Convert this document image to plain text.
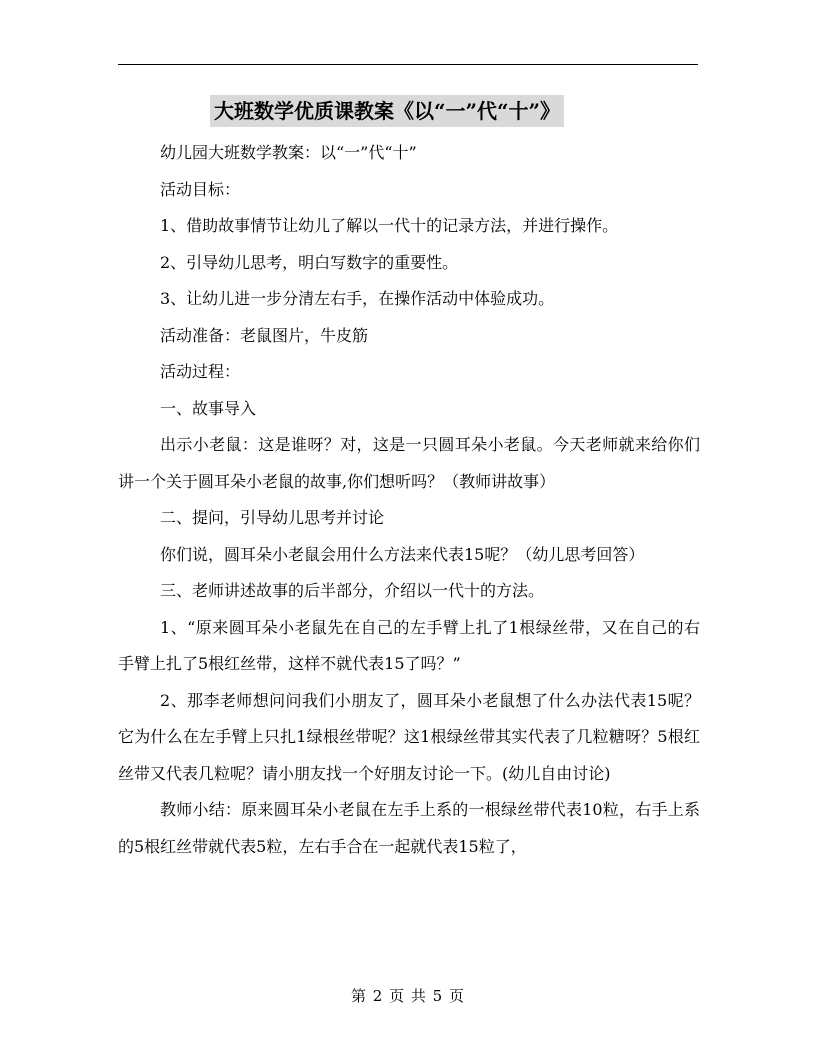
大班数学优质课教案《以“一”代“十”》

幼儿园大班数学教案：以“一”代“十”

活动目标：

1、借助故事情节让幼儿了解以一代十的记录方法，并进行操作。

2、引导幼儿思考，明白写数字的重要性。

3、让幼儿进一步分清左右手，在操作活动中体验成功。

活动准备：老鼠图片，牛皮筋

活动过程：

一、故事导入

出示小老鼠：这是谁呀？对，这是一只圆耳朵小老鼠。今天老师就来给你们讲一个关于圆耳朵小老鼠的故事,你们想听吗？（教师讲故事）

二、提问，引导幼儿思考并讨论

你们说，圆耳朵小老鼠会用什么方法来代表15呢？（幼儿思考回答）

三、老师讲述故事的后半部分，介绍以一代十的方法。

1、“原来圆耳朵小老鼠先在自己的左手臂上扎了1根绿丝带，又在自己的右手臂上扎了5根红丝带，这样不就代表15了吗？”

2、那李老师想问问我们小朋友了，圆耳朵小老鼠想了什么办法代表15呢？它为什么在左手臂上只扎1绿根丝带呢？这1根绿丝带其实代表了几粒糖呀？5根红丝带又代表几粒呢？请小朋友找一个好朋友讨论一下。(幼儿自由讨论)

教师小结：原来圆耳朵小老鼠在左手上系的一根绿丝带代表10粒，右手上系的5根红丝带就代表5粒，左右手合在一起就代表15粒了，

第 2 页 共 5 页
